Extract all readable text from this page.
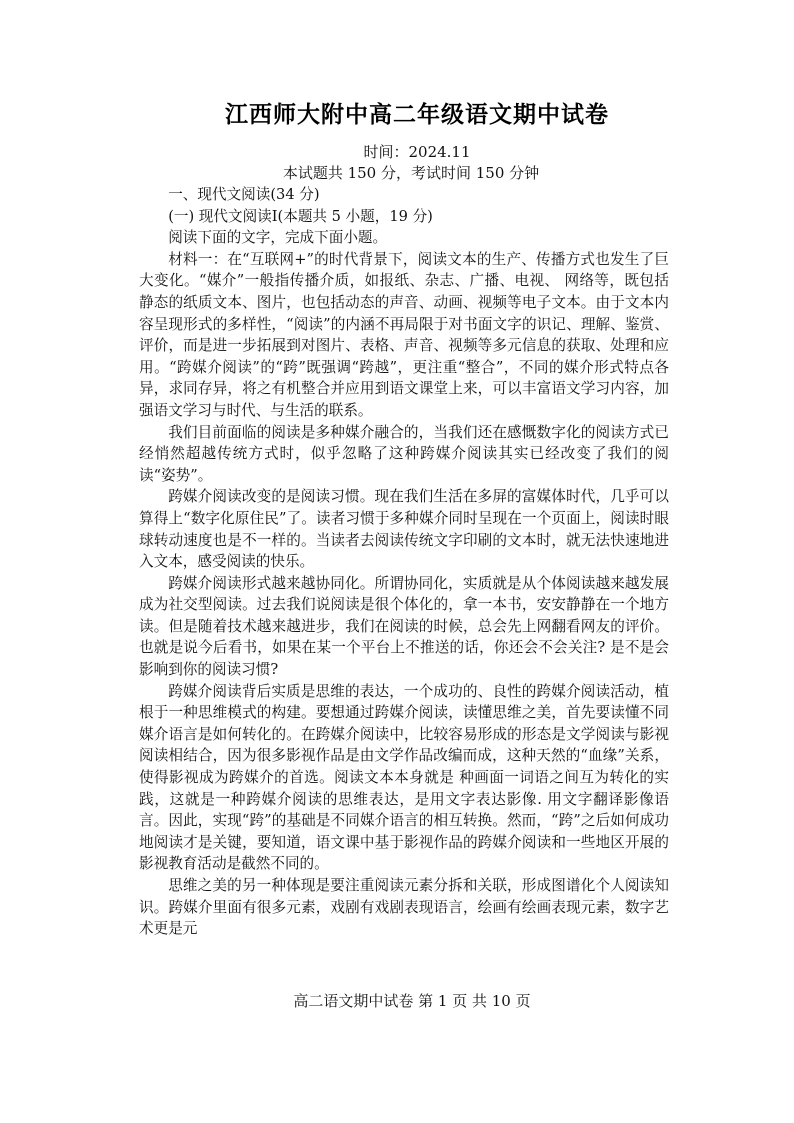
江西师大附中高二年级语文期中试卷
时间：2024.11
本试题共 150 分，考试时间 150 分钟
一、现代文阅读(34 分)
(一) 现代文阅读Ⅰ(本题共 5 小题，19 分)
阅读下面的文字，完成下面小题。

材料一：在“互联网+”的时代背景下，阅读文本的生产、传播方式也发生了巨大变化。“媒介”一般指传播介质，如报纸、杂志、广播、电视、 网络等，既包括静态的纸质文本、图片，也包括动态的声音、动画、视频等电子文本。由于文本内容呈现形式的多样性，“阅读”的内涵不再局限于对书面文字的识记、理解、鉴赏、评价，而是进一步拓展到对图片、表格、声音、视频等多元信息的获取、处理和应用。“跨媒介阅读”的“跨”既强调“跨越”，更注重“整合”，不同的媒介形式特点各异，求同存异，将之有机整合并应用到语文课堂上来，可以丰富语文学习内容，加强语文学习与时代、与生活的联系。

我们目前面临的阅读是多种媒介融合的，当我们还在感慨数字化的阅读方式已经悄然超越传统方式时，似乎忽略了这种跨媒介阅读其实已经改变了我们的阅读“姿势”。

跨媒介阅读改变的是阅读习惯。现在我们生活在多屏的富媒体时代，几乎可以算得上“数字化原住民”了。读者习惯于多种媒介同时呈现在一个页面上，阅读时眼球转动速度也是不一样的。当读者去阅读传统文字印刷的文本时，就无法快速地进入文本，感受阅读的快乐。

跨媒介阅读形式越来越协同化。所谓协同化，实质就是从个体阅读越来越发展成为社交型阅读。过去我们说阅读是很个体化的，拿一本书，安安静静在一个地方读。但是随着技术越来越进步，我们在阅读的时候，总会先上网翻看网友的评价。也就是说今后看书，如果在某一个平台上不推送的话，你还会不会关注? 是不是会影响到你的阅读习惯?

跨媒介阅读背后实质是思维的表达，一个成功的、良性的跨媒介阅读活动，植根于一种思维模式的构建。要想通过跨媒介阅读，读懂思维之美，首先要读懂不同媒介语言是如何转化的。在跨媒介阅读中，比较容易形成的形态是文学阅读与影视阅读相结合，因为很多影视作品是由文学作品改编而成，这种天然的“血缘”关系，使得影视成为跨媒介的首选。阅读文本本身就是 种画面一词语之间互为转化的实践，这就是一种跨媒介阅读的思维表达，是用文字表达影像. 用文字翻译影像语言。因此，实现“跨”的基础是不同媒介语言的相互转换。然而，“跨”之后如何成功地阅读才是关键，要知道，语文课中基于影视作品的跨媒介阅读和一些地区开展的影视教育活动是截然不同的。

思维之美的另一种体现是要注重阅读元素分拆和关联，形成图谱化个人阅读知识。跨媒介里面有很多元素，戏剧有戏剧表现语言，绘画有绘画表现元素，数字艺术更是元

高二语文期中试卷 第 1 页 共 10 页
